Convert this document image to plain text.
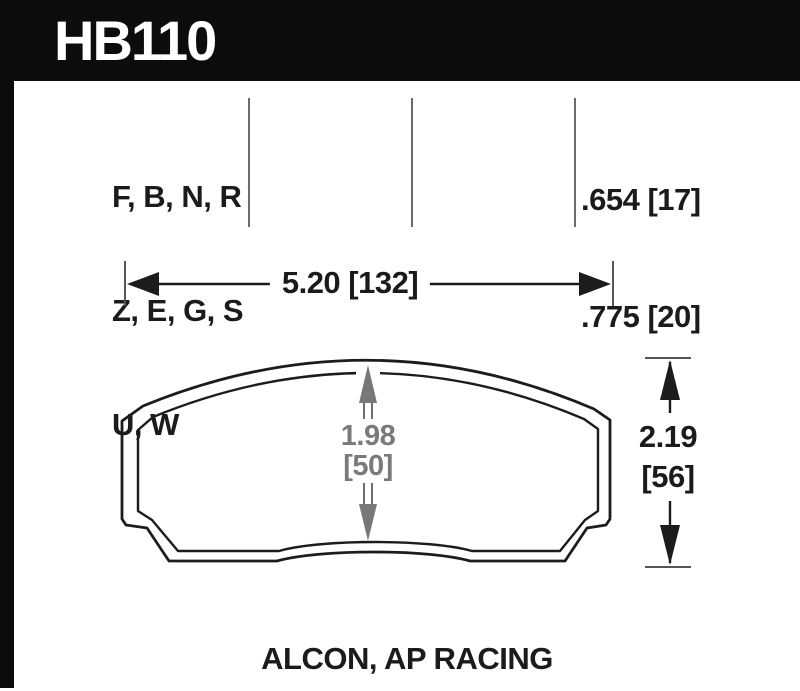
HB110

F, B, N, R

Z, E, G, S

U, W

.654 [17]

.775 [20]

5.20 [132]
1.98
[50]
2.19
[56]
ALCON, AP RACING
